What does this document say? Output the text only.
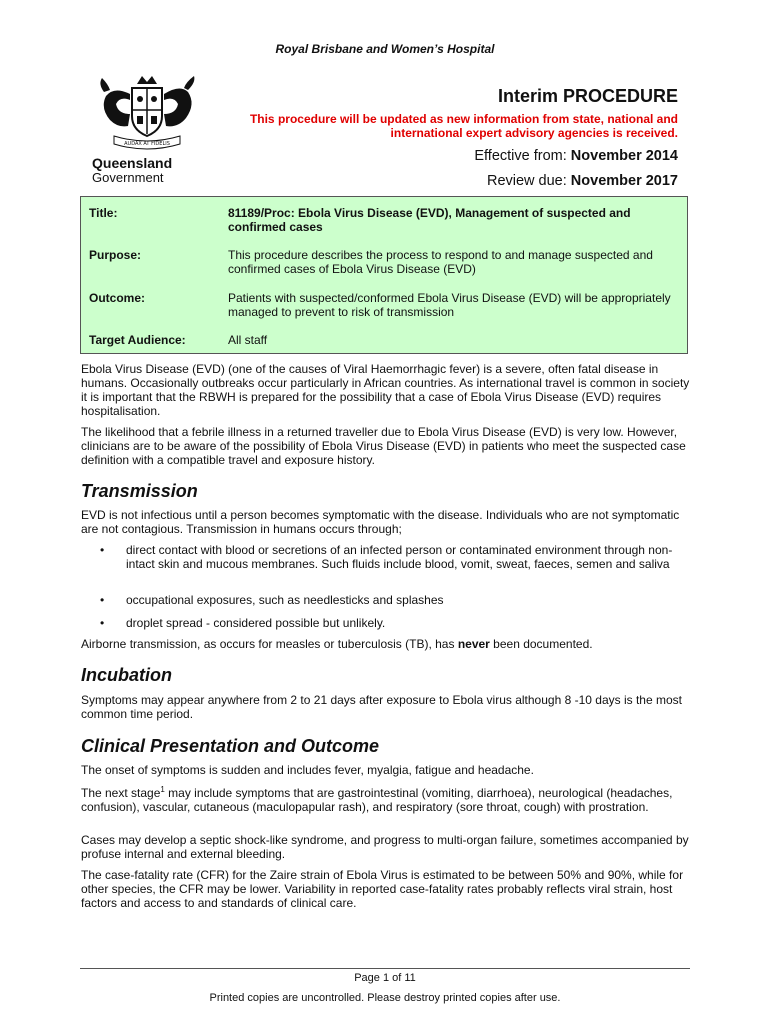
Royal Brisbane and Women’s Hospital
AUDAX AT FIDELIS
Queensland
Government
Interim PROCEDURE
This procedure will be updated as new information from state, national and international expert advisory agencies is received.
Effective from: November 2014
Review due: November 2017
Title:	81189/Proc: Ebola Virus Disease (EVD), Management of suspected and confirmed cases
Purpose:	This procedure describes the process to respond to and manage suspected and confirmed cases of Ebola Virus Disease (EVD)
Outcome:	Patients with suspected/conformed Ebola Virus Disease (EVD) will be appropriately managed to prevent to risk of transmission
Target Audience:	All staff
Ebola Virus Disease (EVD) (one of the causes of Viral Haemorrhagic fever) is a severe, often fatal disease in humans. Occasionally outbreaks occur particularly in African countries. As international travel is common in society it is important that the RBWH is prepared for the possibility that a case of Ebola Virus Disease (EVD) requires hospitalisation.
The likelihood that a febrile illness in a returned traveller due to Ebola Virus Disease (EVD) is very low. However, clinicians are to be aware of the possibility of Ebola Virus Disease (EVD) in patients who meet the suspected case definition with a compatible travel and exposure history.
Transmission
EVD is not infectious until a person becomes symptomatic with the disease. Individuals who are not symptomatic are not contagious. Transmission in humans occurs through;
• direct contact with blood or secretions of an infected person or contaminated environment through non-intact skin and mucous membranes. Such fluids include blood, vomit, sweat, faeces, semen and saliva
• occupational exposures, such as needlesticks and splashes
• droplet spread - considered possible but unlikely.
Airborne transmission, as occurs for measles or tuberculosis (TB), has never been documented.
Incubation
Symptoms may appear anywhere from 2 to 21 days after exposure to Ebola virus although 8 -10 days is the most common time period.
Clinical Presentation and Outcome
The onset of symptoms is sudden and includes fever, myalgia, fatigue and headache.
The next stage$^1$ may include symptoms that are gastrointestinal (vomiting, diarrhoea), neurological (headaches, confusion), vascular, cutaneous (maculopapular rash), and respiratory (sore throat, cough) with prostration.
Cases may develop a septic shock-like syndrome, and progress to multi-organ failure, sometimes accompanied by profuse internal and external bleeding.
The case-fatality rate (CFR) for the Zaire strain of Ebola Virus is estimated to be between 50% and 90%, while for other species, the CFR may be lower. Variability in reported case-fatality rates probably reflects viral strain, host factors and access to and standards of clinical care.
Page 1 of 11
Printed copies are uncontrolled. Please destroy printed copies after use.
